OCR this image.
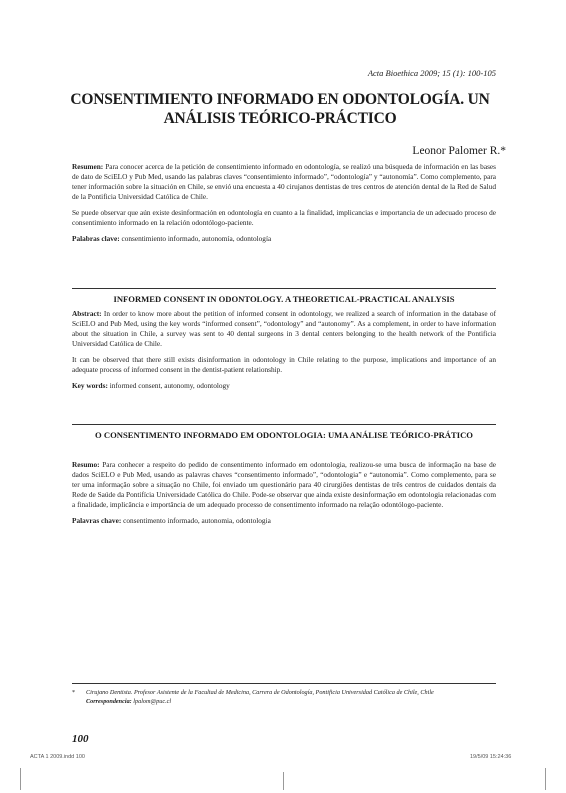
Acta Bioethica 2009; 15 (1): 100-105
CONSENTIMIENTO INFORMADO EN ODONTOLOGÍA. UN ANÁLISIS TEÓRICO-PRÁCTICO
Leonor Palomer R.*

Resumen: Para conocer acerca de la petición de consentimiento informado en odontología, se realizó una búsqueda de información en las bases de dato de SciELO y Pub Med, usando las palabras claves “consentimiento informado”, “odontología” y “autonomía”. Como complemento, para tener información sobre la situación en Chile, se envió una encuesta a 40 cirujanos dentistas de tres centros de atención dental de la Red de Salud de la Pontificia Universidad Católica de Chile.

Se puede observar que aún existe desinformación en odontología en cuanto a la finalidad, implicancias e importancia de un adecuado proceso de consentimiento informado en la relación odontólogo-paciente.

Palabras clave: consentimiento informado, autonomía, odontología

INFORMED CONSENT IN ODONTOLOGY. A THEORETICAL-PRACTICAL ANALYSIS

Abstract: In order to know more about the petition of informed consent in odontology, we realized a search of information in the database of SciELO and Pub Med, using the key words “informed consent”, “odontology” and “autonomy”. As a complement, in order to have information about the situation in Chile, a survey was sent to 40 dental surgeons in 3 dental centers belonging to the health network of the Pontificia Universidad Católica de Chile.

It can be observed that there still exists disinformation in odontology in Chile relating to the purpose, implications and importance of an adequate process of informed consent in the dentist-patient relationship.

Key words: informed consent, autonomy, odontology

O CONSENTIMENTO INFORMADO EM ODONTOLOGIA: UMA ANÁLISE TEÓRICO-PRÁTICO

Resumo: Para conhecer a respeito do pedido de consentimento informado em odontologia, realizou-se uma busca de informação na base de dados SciELO e Pub Med, usando as palavras chaves “consentimento informado”, “odontologia” e “autonomia”. Como complemento, para se ter uma informação sobre a situação no Chile, foi enviado um questionário para 40 cirurgiões dentistas de três centros de cuidados dentais da Rede de Saúde da Pontifícia Universidade Católica do Chile. Pode-se observar que ainda existe desinformação em odontologia relacionadas com a finalidade, implicância e importância de um adequado processo de consentimento informado na relação odontólogo-paciente.

Palavras chave: consentimento informado, autonomia, odontologia

* Cirujano Dentista. Profesor Asistente de la Facultad de Medicina, Carrera de Odontología, Pontificia Universidad Católica de Chile, Chile
Correspondencia: lpalom@puc.cl
100
ACTA 1 2009.indd 100	19/5/09 15:24:36
